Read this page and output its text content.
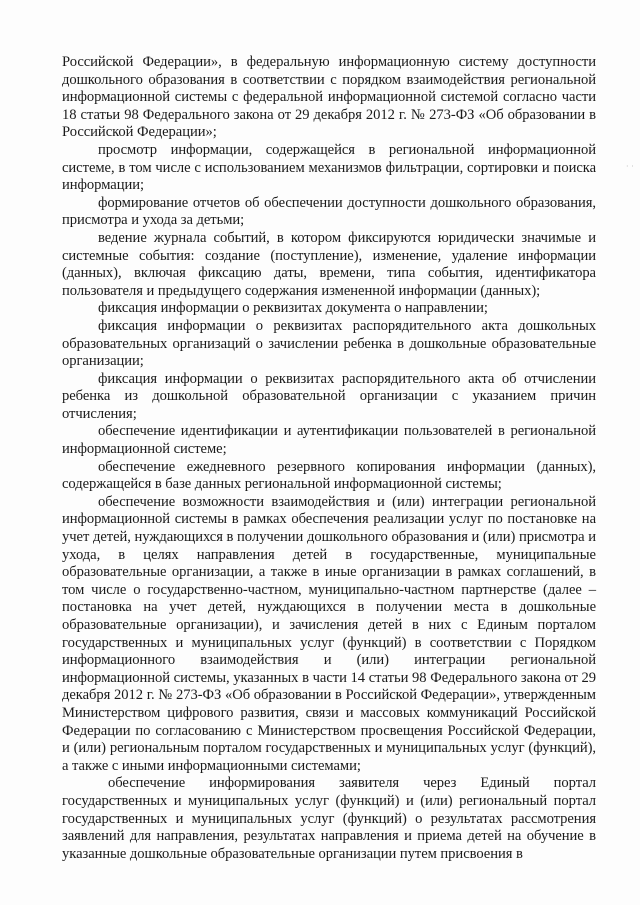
Российской Федерации», в федеральную информационную систему доступности дошкольного образования в соответствии с порядком взаимодействия региональной информационной системы с федеральной информационной системой согласно части 18 статьи 98 Федерального закона от 29 декабря 2012 г. № 273-ФЗ «Об образовании в Российской Федерации»;

просмотр информации, содержащейся в региональной информационной системе, в том числе с использованием механизмов фильтрации, сортировки и поиска информации;

формирование отчетов об обеспечении доступности дошкольного образования, присмотра и ухода за детьми;

ведение журнала событий, в котором фиксируются юридически значимые и системные события: создание (поступление), изменение, удаление информации (данных), включая фиксацию даты, времени, типа события, идентификатора пользователя и предыдущего содержания измененной информации (данных);

фиксация информации о реквизитах документа о направлении;

фиксация информации о реквизитах распорядительного акта дошкольных образовательных организаций о зачислении ребенка в дошкольные образовательные организации;

фиксация информации о реквизитах распорядительного акта об отчислении ребенка из дошкольной образовательной организации с указанием причин отчисления;

обеспечение идентификации и аутентификации пользователей в региональной информационной системе;

обеспечение ежедневного резервного копирования информации (данных), содержащейся в базе данных региональной информационной системы;

обеспечение возможности взаимодействия и (или) интеграции региональной информационной системы в рамках обеспечения реализации услуг по постановке на учет детей, нуждающихся в получении дошкольного образования и (или) присмотра и ухода, в целях направления детей в государственные, муниципальные образовательные организации, а также в иные организации в рамках соглашений, в том числе о государственно-частном, муниципально-частном партнерстве (далее – постановка на учет детей, нуждающихся в получении места в дошкольные образовательные организации), и зачисления детей в них с Единым порталом государственных и муниципальных услуг (функций) в соответствии с Порядком информационного взаимодействия и (или) интеграции региональной информационной системы, указанных в части 14 статьи 98 Федерального закона от 29 декабря 2012 г. № 273-ФЗ «Об образовании в Российской Федерации», утвержденным Министерством цифрового развития, связи и массовых коммуникаций Российской Федерации по согласованию с Министерством просвещения Российской Федерации, и (или) региональным порталом государственных и муниципальных услуг (функций), а также с иными информационными системами;

обеспечение информирования заявителя через Единый портал государственных и муниципальных услуг (функций) и (или) региональный портал государственных и муниципальных услуг (функций) о результатах рассмотрения заявлений для направления, результатах направления и приема детей на обучение в указанные дошкольные образовательные организации путем присвоения в

· ·
